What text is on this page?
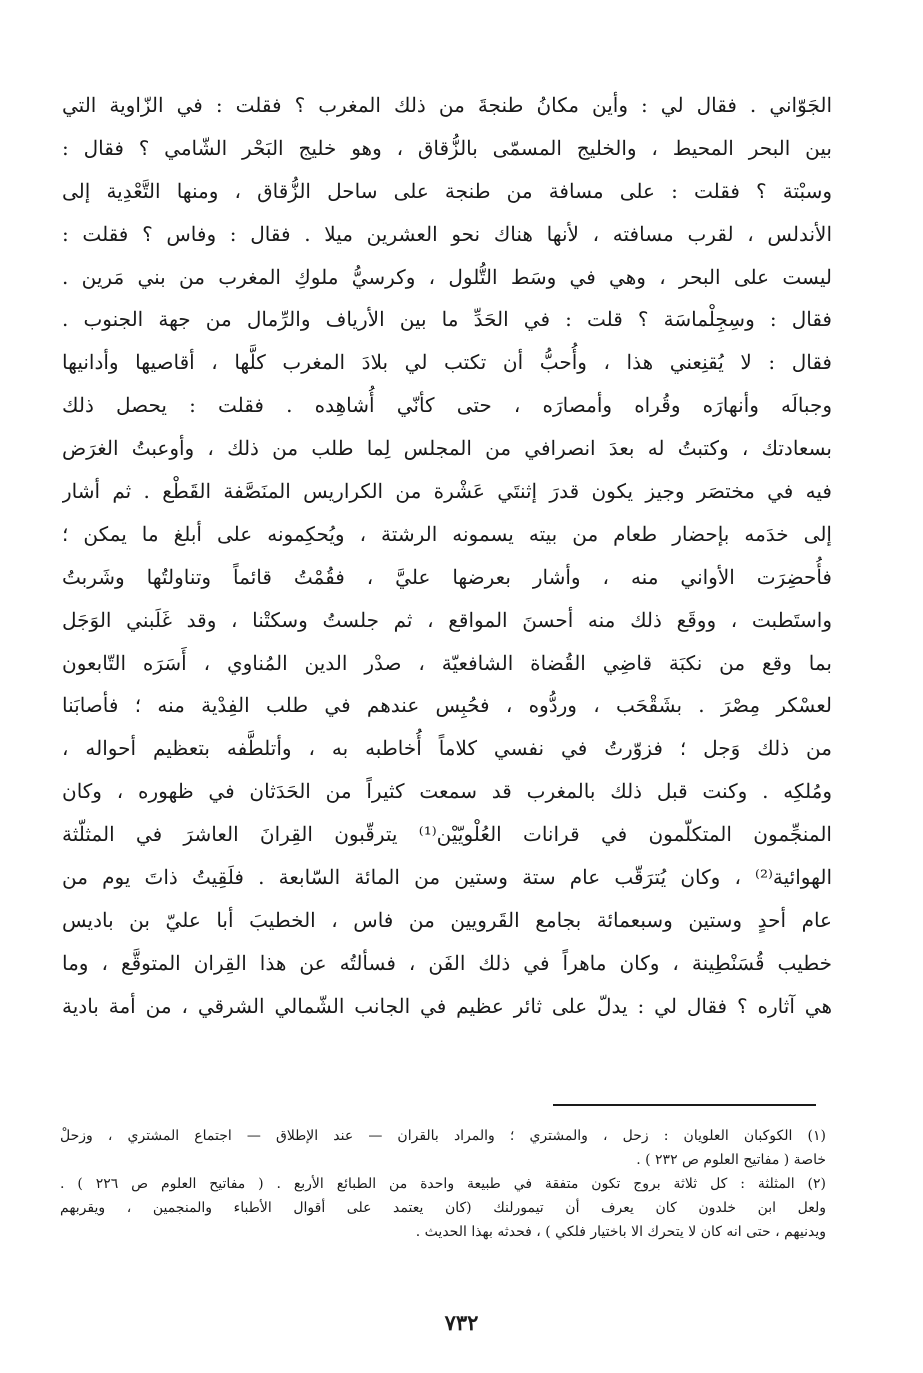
الجَوّاني . فقال لي : وأين مكانُ طنجةَ من ذلك المغرب ؟ فقلت : في الزّاوية التي
بين البحر المحيط ، والخليج المسمّى بالزُّقاق ، وهو خليج البَحْر الشّامي ؟ فقال :
وسبْتة ؟ فقلت : على مسافة من طنجة على ساحل الزُّقاق ، ومنها التَّعْدِية إلى
الأندلس ، لقرب مسافته ، لأنها هناك نحو العشرين ميلا . فقال : وفاس ؟ فقلت :
ليست على البحر ، وهي في وسَط التُّلول ، وكرسيُّ ملوكِ المغرب من بني مَرين .
فقال : وسِجِلْماسَة ؟ قلت : في الحَدِّ ما بين الأرياف والرِّمال من جهة الجنوب .
فقال : لا يُقنِعني هذا ، وأُحبُّ أن تكتب لي بلادَ المغرب كلَّها ، أقاصيها وأدانيها
وجبالَه وأنهارَه وقُراه وأمصارَه ، حتى كأنّي أُشاهِده . فقلت : يحصل ذلك
بسعادتك ، وكتبتُ له بعدَ انصرافي من المجلس لِما طلب من ذلك ، وأوعبتُ الغرَض
فيه في مختصَر وجيز يكون قدرَ إثنتَي عَشْرة من الكراريس المنَصَّفة القَطْع . ثم أشار
إلى خدَمه بإحضار طعام من بيته يسمونه الرشتة ، ويُحكِمونه على أبلغ ما يمكن ؛
فأُحضِرَت الأواني منه ، وأشار بعرضها عليَّ ، فقُمْتُ قائماً وتناولتُها وشَربتُ
واستَطبت ، ووقَع ذلك منه أحسنَ المواقع ، ثم جلستُ وسكتْنا ، وقد غَلَبني الوَجَل
بما وقع من نكبَة قاضِي القُضاة الشافعيّة ، صدْر الدين المُناوي ، أَسَرَه التّابعون
لعسْكر مِصْرَ . بشَقْحَب ، وردُّوه ، فحُبِس عندهم في طلب الفِدْية منه ؛ فأصابَنا
من ذلك وَجل ؛ فزوّرتُ في نفسي كلاماً أُخاطبه به ، وأتلطَّفه بتعظيم أحواله ،
ومُلكِه . وكنت قبل ذلك بالمغرب قد سمعت كثيراً من الحَدَثان في ظهوره ، وكان
المنجِّمون المتكلّمون في قرانات العُلْويّيْن⁽¹⁾ يترقّبون القِرانَ العاشرَ في المثلّثة
الهوائية⁽²⁾ ، وكان يُترَقّب عام ستة وستين من المائة السّابعة . فلَقِيتُ ذاتَ يوم من
عام أحدٍ وستين وسبعمائة بجامع القَرويين من فاس ، الخطيبَ أبا عليّ بن باديس
خطيب قُسَنْطِينة ، وكان ماهراً في ذلك الفَن ، فسألتُه عن هذا القِران المتوقَّع ، وما
هي آثاره ؟ فقال لي : يدلّ على ثائر عظيم في الجانب الشّمالي الشرقي ، من أمة بادية
(١) الكوكبان العلويان : زحل ، والمشتري ؛ والمراد بالقران — عند الإطلاق — اجتماع المشتري ، وزحلْ
خاصة ( مفاتيح العلوم ص ٢٣٢ ) .
(٢) المثلثة : كل ثلاثة بروج تكون متفقة في طبيعة واحدة من الطبائع الأربع . ( مفاتيح العلوم ص ٢٢٦ ) .
ولعل ابن خلدون كان يعرف أن تيمورلنك (كان يعتمد على أقوال الأطباء والمنجمين ، ويقربهم
ويدنيهم ، حتى انه كان لا يتحرك الا باختيار فلكي ) ، فحدثه بهذا الحديث .
٧٣٢
